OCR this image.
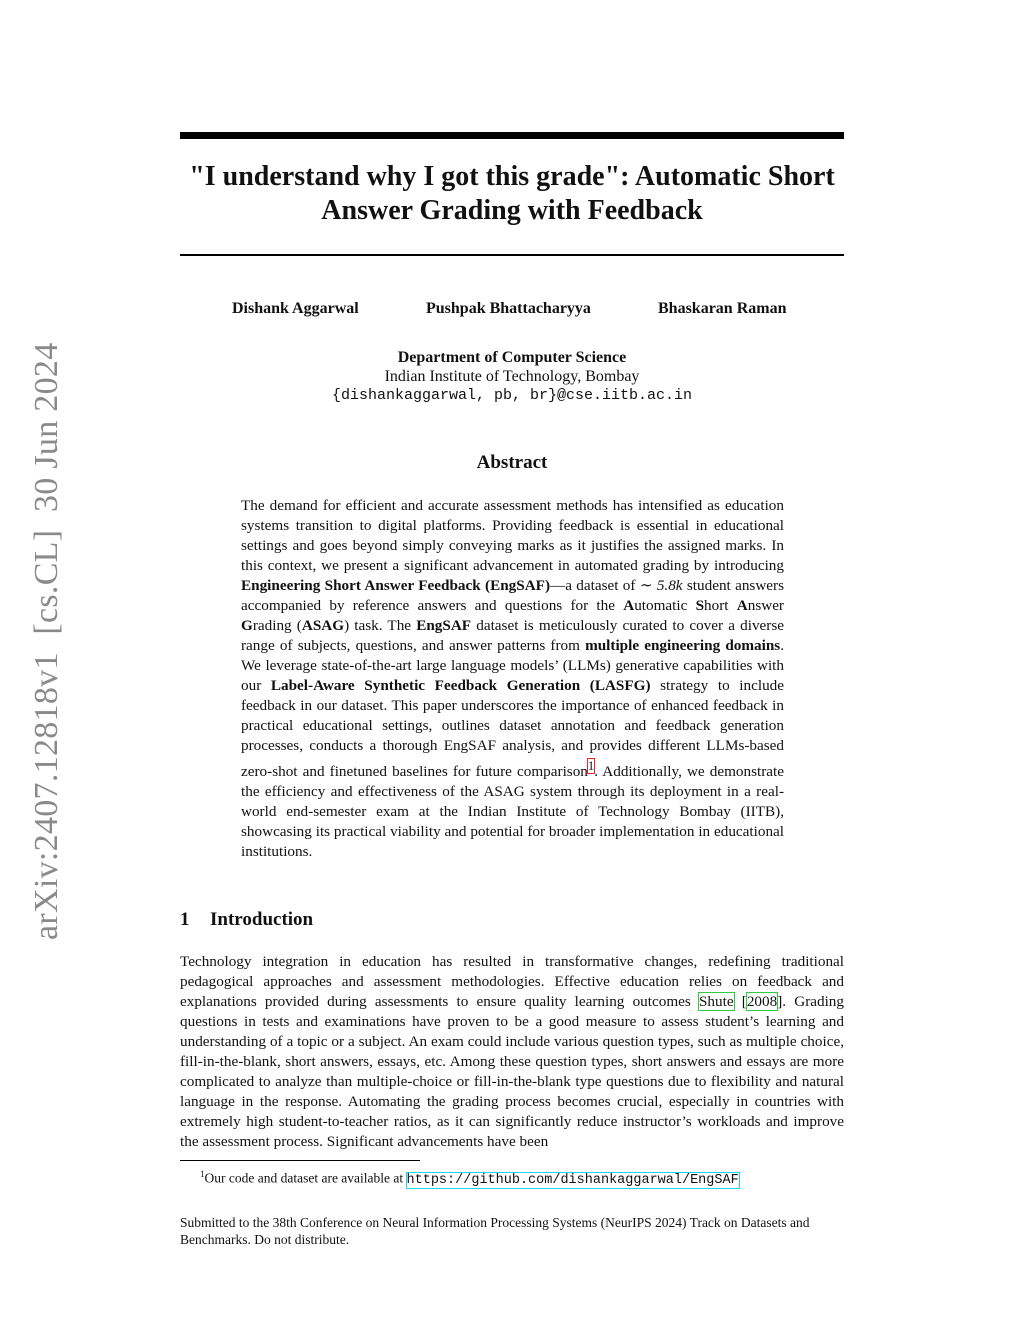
arXiv:2407.12818v1  [cs.CL]  30 Jun 2024
"I understand why I got this grade": Automatic Short Answer Grading with Feedback
Dishank Aggarwal	Pushpak Bhattacharyya	Bhaskaran Raman
Department of Computer Science
Indian Institute of Technology, Bombay
{dishankaggarwal, pb, br}@cse.iitb.ac.in
Abstract

The demand for efficient and accurate assessment methods has intensified as education systems transition to digital platforms. Providing feedback is essential in educational settings and goes beyond simply conveying marks as it justifies the assigned marks. In this context, we present a significant advancement in automated grading by introducing Engineering Short Answer Feedback (EngSAF)—a dataset of ∼ 5.8k student answers accompanied by reference answers and questions for the Automatic Short Answer Grading (ASAG) task. The EngSAF dataset is meticulously curated to cover a diverse range of subjects, questions, and answer patterns from multiple engineering domains. We leverage state-of-the-art large language models’ (LLMs) generative capabilities with our Label-Aware Synthetic Feedback Generation (LASFG) strategy to include feedback in our dataset. This paper underscores the importance of enhanced feedback in practical educational settings, outlines dataset annotation and feedback generation processes, conducts a thorough EngSAF analysis, and provides different LLMs-based zero-shot and finetuned baselines for future comparison$^1$. Additionally, we demonstrate the efficiency and effectiveness of the ASAG system through its deployment in a real-world end-semester exam at the Indian Institute of Technology Bombay (IITB), showcasing its practical viability and potential for broader implementation in educational institutions.

1 Introduction

Technology integration in education has resulted in transformative changes, redefining traditional pedagogical approaches and assessment methodologies. Effective education relies on feedback and explanations provided during assessments to ensure quality learning outcomes Shute [2008]. Grading questions in tests and examinations have proven to be a good measure to assess student’s learning and understanding of a topic or a subject. An exam could include various question types, such as multiple choice, fill-in-the-blank, short answers, essays, etc. Among these question types, short answers and essays are more complicated to analyze than multiple-choice or fill-in-the-blank type questions due to flexibility and natural language in the response. Automating the grading process becomes crucial, especially in countries with extremely high student-to-teacher ratios, as it can significantly reduce instructor’s workloads and improve the assessment process. Significant advancements have been

$^1$Our code and dataset are available at https://github.com/dishankaggarwal/EngSAF
Submitted to the 38th Conference on Neural Information Processing Systems (NeurIPS 2024) Track on Datasets and Benchmarks. Do not distribute.
